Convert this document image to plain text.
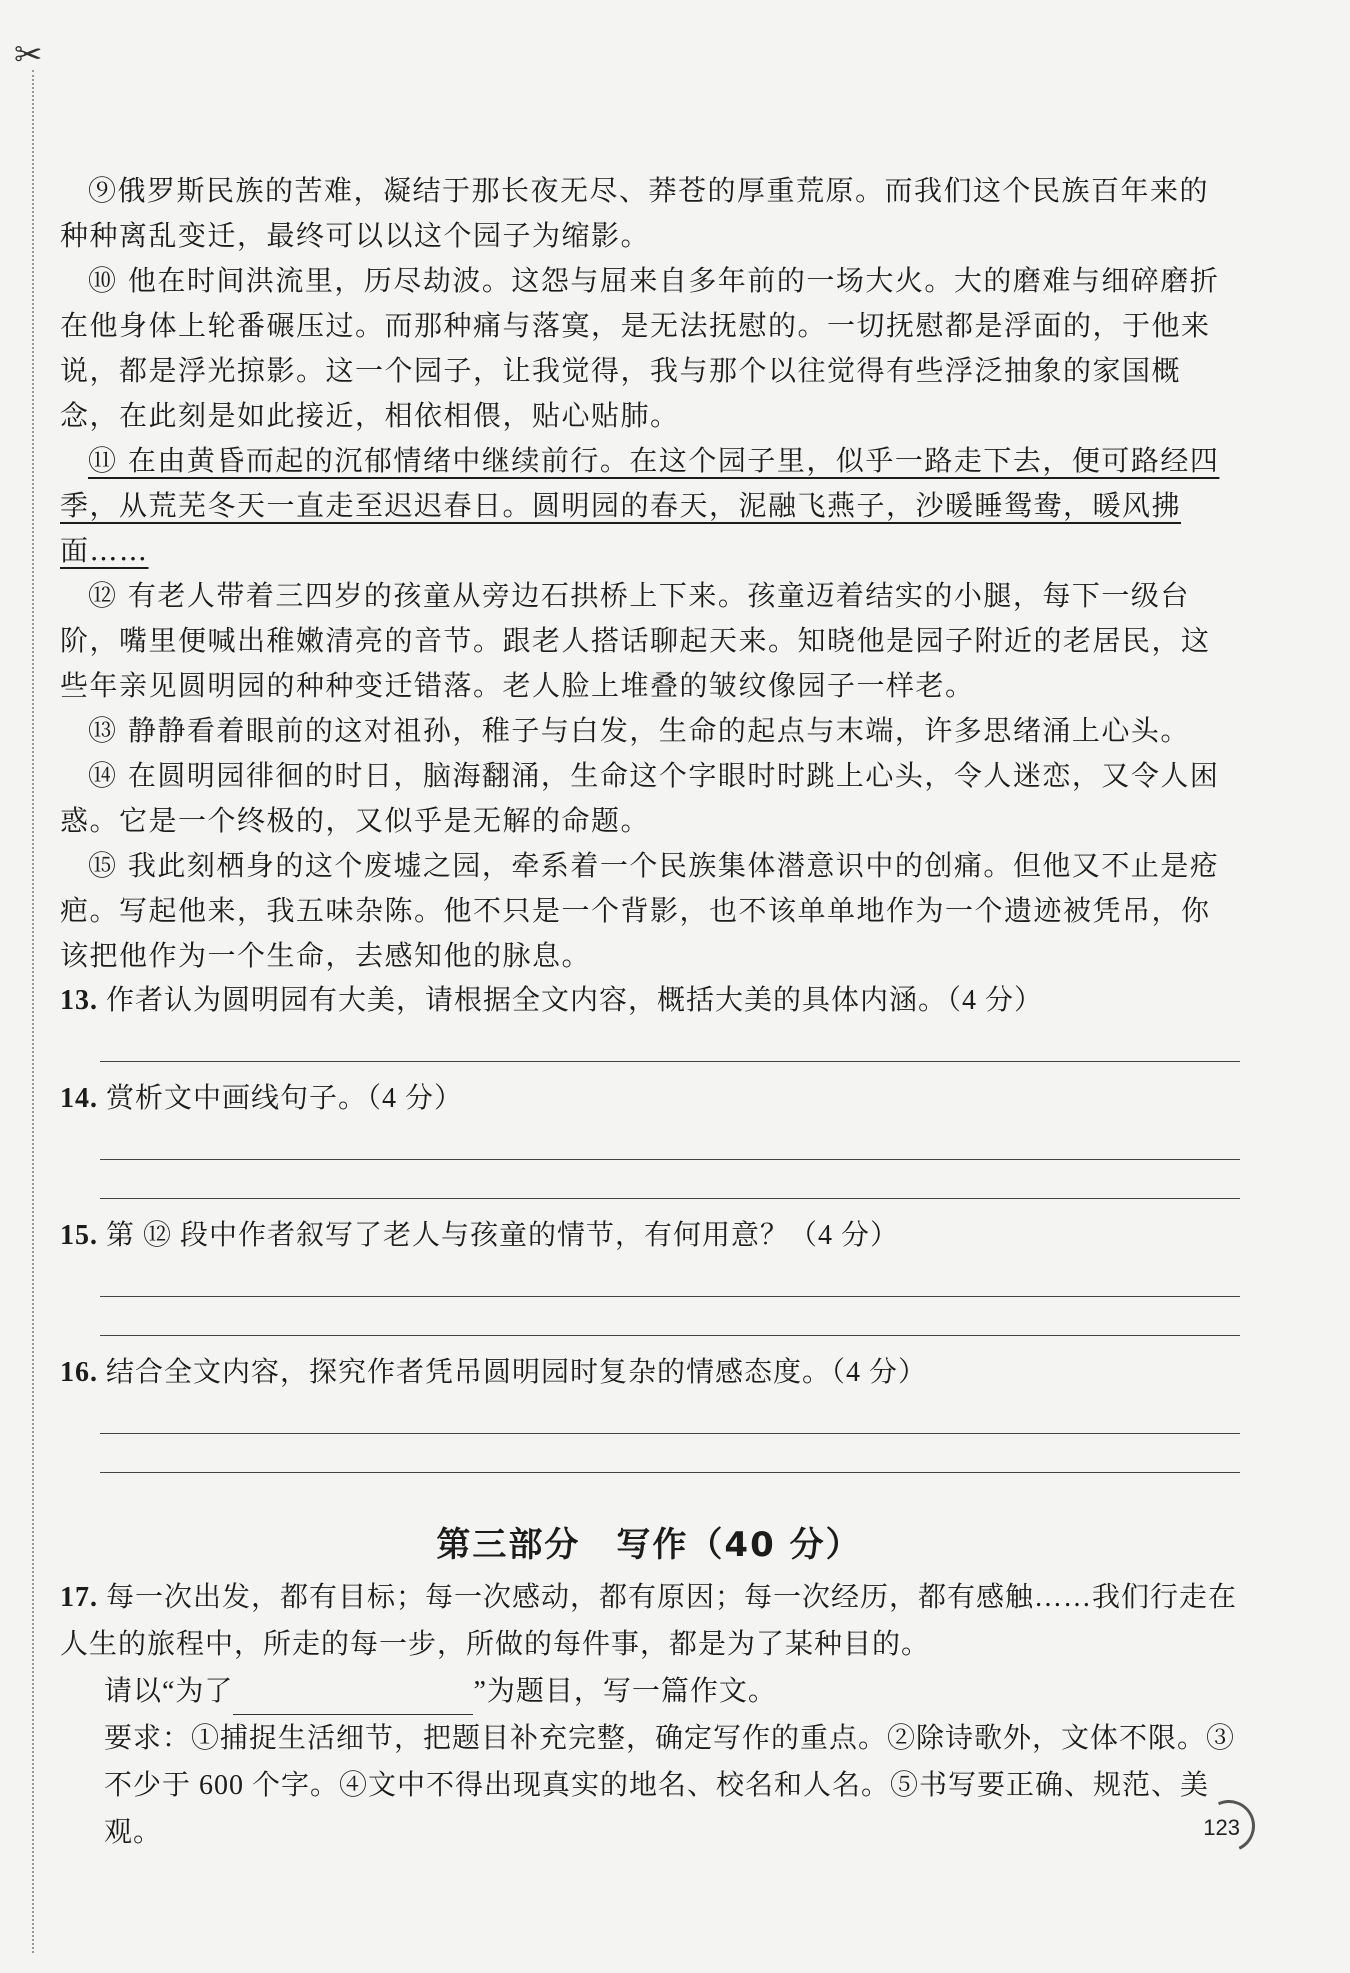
✂

⑨俄罗斯民族的苦难，凝结于那长夜无尽、莽苍的厚重荒原。而我们这个民族百年来的种种离乱变迁，最终可以以这个园子为缩影。

⑩ 他在时间洪流里，历尽劫波。这怨与屈来自多年前的一场大火。大的磨难与细碎磨折在他身体上轮番碾压过。而那种痛与落寞，是无法抚慰的。一切抚慰都是浮面的，于他来说，都是浮光掠影。这一个园子，让我觉得，我与那个以往觉得有些浮泛抽象的家国概念，在此刻是如此接近，相依相偎，贴心贴肺。

⑪ 在由黄昏而起的沉郁情绪中继续前行。在这个园子里，似乎一路走下去，便可路经四季，从荒芜冬天一直走至迟迟春日。圆明园的春天，泥融飞燕子，沙暖睡鸳鸯，暖风拂面……

⑫ 有老人带着三四岁的孩童从旁边石拱桥上下来。孩童迈着结实的小腿，每下一级台阶，嘴里便喊出稚嫩清亮的音节。跟老人搭话聊起天来。知晓他是园子附近的老居民，这些年亲见圆明园的种种变迁错落。老人脸上堆叠的皱纹像园子一样老。

⑬ 静静看着眼前的这对祖孙，稚子与白发，生命的起点与末端，许多思绪涌上心头。

⑭ 在圆明园徘徊的时日，脑海翻涌，生命这个字眼时时跳上心头，令人迷恋，又令人困惑。它是一个终极的，又似乎是无解的命题。

⑮ 我此刻栖身的这个废墟之园，牵系着一个民族集体潜意识中的创痛。但他又不止是疮疤。写起他来，我五味杂陈。他不只是一个背影，也不该单单地作为一个遗迹被凭吊，你该把他作为一个生命，去感知他的脉息。

13. 作者认为圆明园有大美，请根据全文内容，概括大美的具体内涵。（4 分）

14. 赏析文中画线句子。（4 分）

15. 第 ⑫ 段中作者叙写了老人与孩童的情节，有何用意？（4 分）

16. 结合全文内容，探究作者凭吊圆明园时复杂的情感态度。（4 分）

第三部分　写作（40 分）
17. 每一次出发，都有目标；每一次感动，都有原因；每一次经历，都有感触……我们行走在人生的旅程中，所走的每一步，所做的每件事，都是为了某种目的。
请以“为了	”为题目，写一篇作文。
要求：①捕捉生活细节，把题目补充完整，确定写作的重点。②除诗歌外，文体不限。③不少于 600 个字。④文中不得出现真实的地名、校名和人名。⑤书写要正确、规范、美观。	123
